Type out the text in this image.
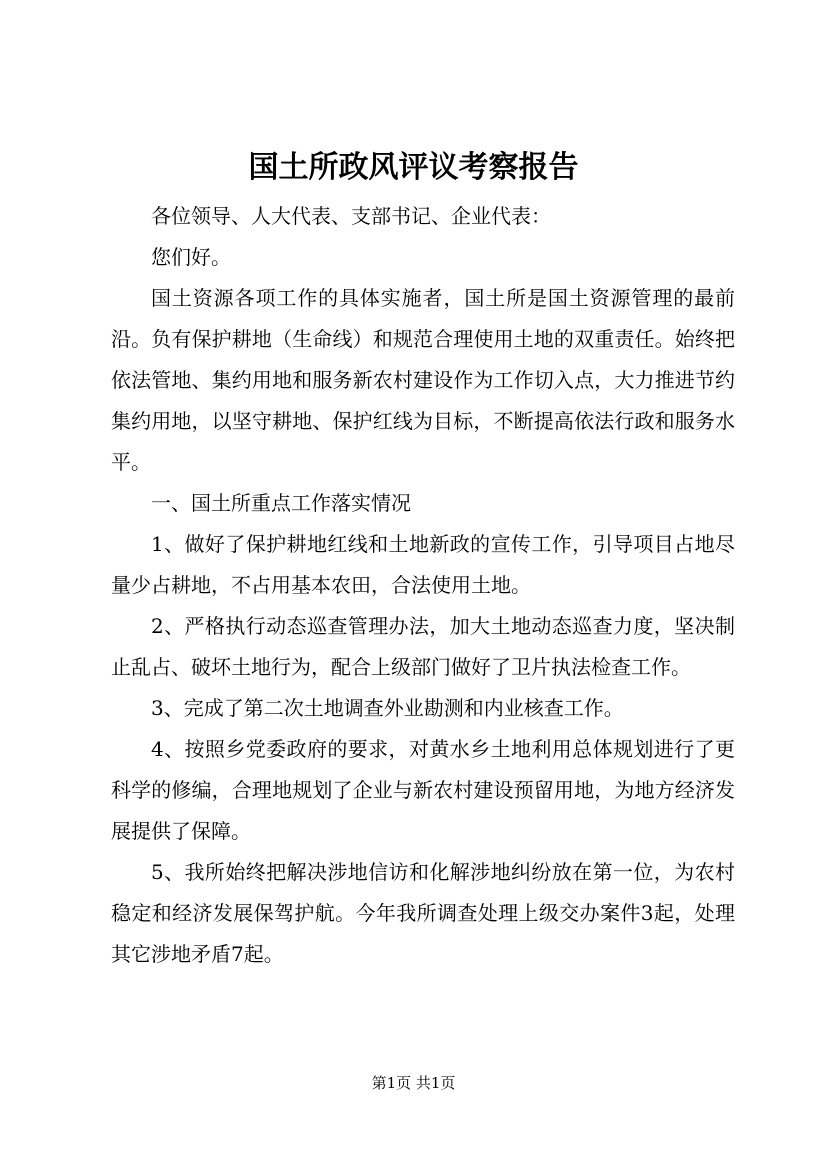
国土所政风评议考察报告

各位领导、人大代表、支部书记、企业代表：

您们好。

国土资源各项工作的具体实施者，国土所是国土资源管理的最前沿。负有保护耕地（生命线）和规范合理使用土地的双重责任。始终把依法管地、集约用地和服务新农村建设作为工作切入点，大力推进节约集约用地，以坚守耕地、保护红线为目标，不断提高依法行政和服务水平。

一、国土所重点工作落实情况

1、做好了保护耕地红线和土地新政的宣传工作，引导项目占地尽量少占耕地，不占用基本农田，合法使用土地。

2、严格执行动态巡查管理办法，加大土地动态巡查力度，坚决制止乱占、破坏土地行为，配合上级部门做好了卫片执法检查工作。

3、完成了第二次土地调查外业勘测和内业核查工作。

4、按照乡党委政府的要求，对黄水乡土地利用总体规划进行了更科学的修编，合理地规划了企业与新农村建设预留用地，为地方经济发展提供了保障。

5、我所始终把解决涉地信访和化解涉地纠纷放在第一位，为农村稳定和经济发展保驾护航。今年我所调查处理上级交办案件3起，处理其它涉地矛盾7起。

第1页 共1页
